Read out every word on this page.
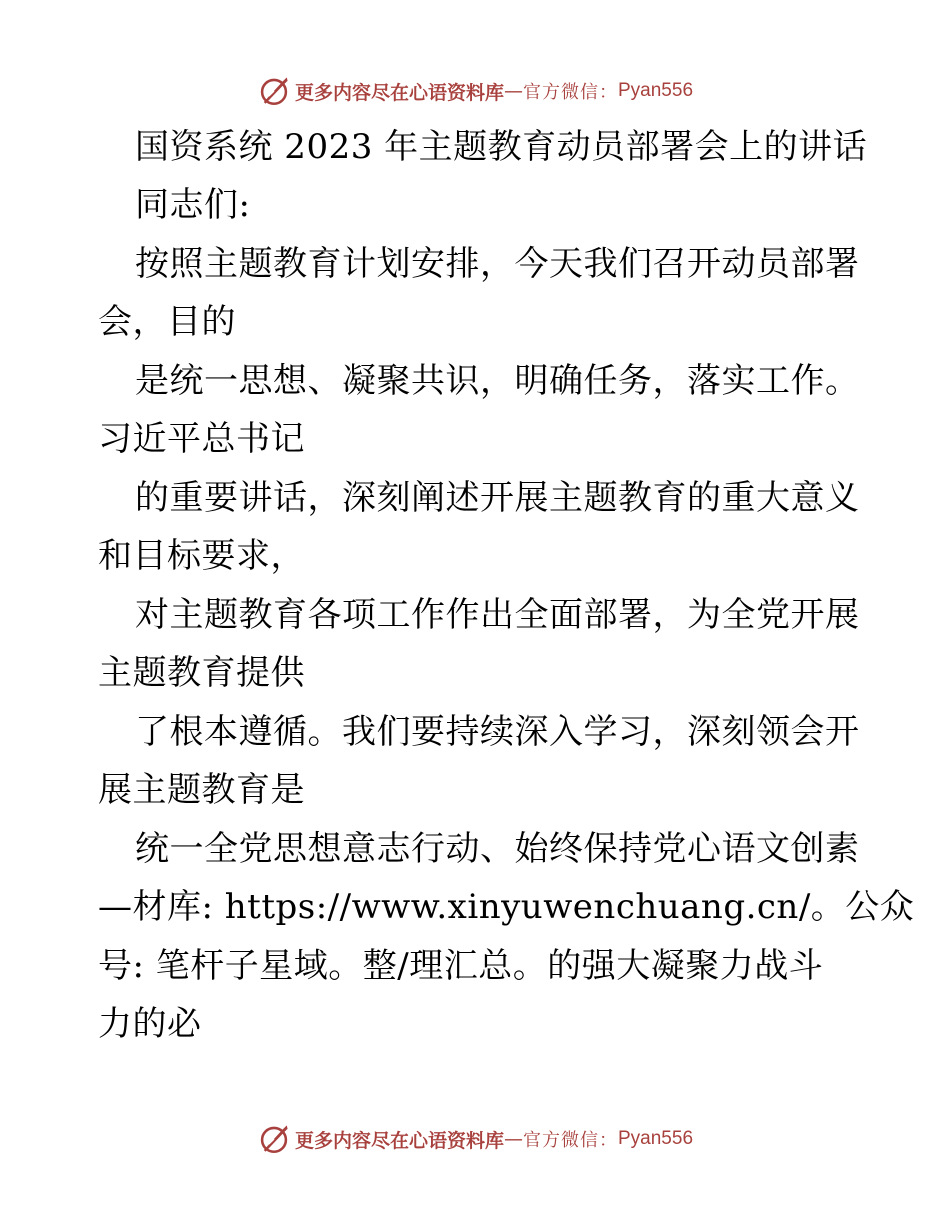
更多内容尽在心语资料库 — 官方微信： Pyan556

国资系统 2023 年主题教育动员部署会上的讲话

同志们:

按照主题教育计划安排，今天我们召开动员部署

会，目的

是统一思想、凝聚共识，明确任务，落实工作。

习近平总书记

的重要讲话，深刻阐述开展主题教育的重大意义

和目标要求，

对主题教育各项工作作出全面部署，为全党开展

主题教育提供

了根本遵循。我们要持续深入学习，深刻领会开

展主题教育是

统一全党思想意志行动、始终保持党心语文创素

—材库: https://www.xinyuwenchuang.cn/。公众

号: 笔杆子星域。整/理汇总。的强大凝聚力战斗

力的必

更多内容尽在心语资料库 — 官方微信： Pyan556
